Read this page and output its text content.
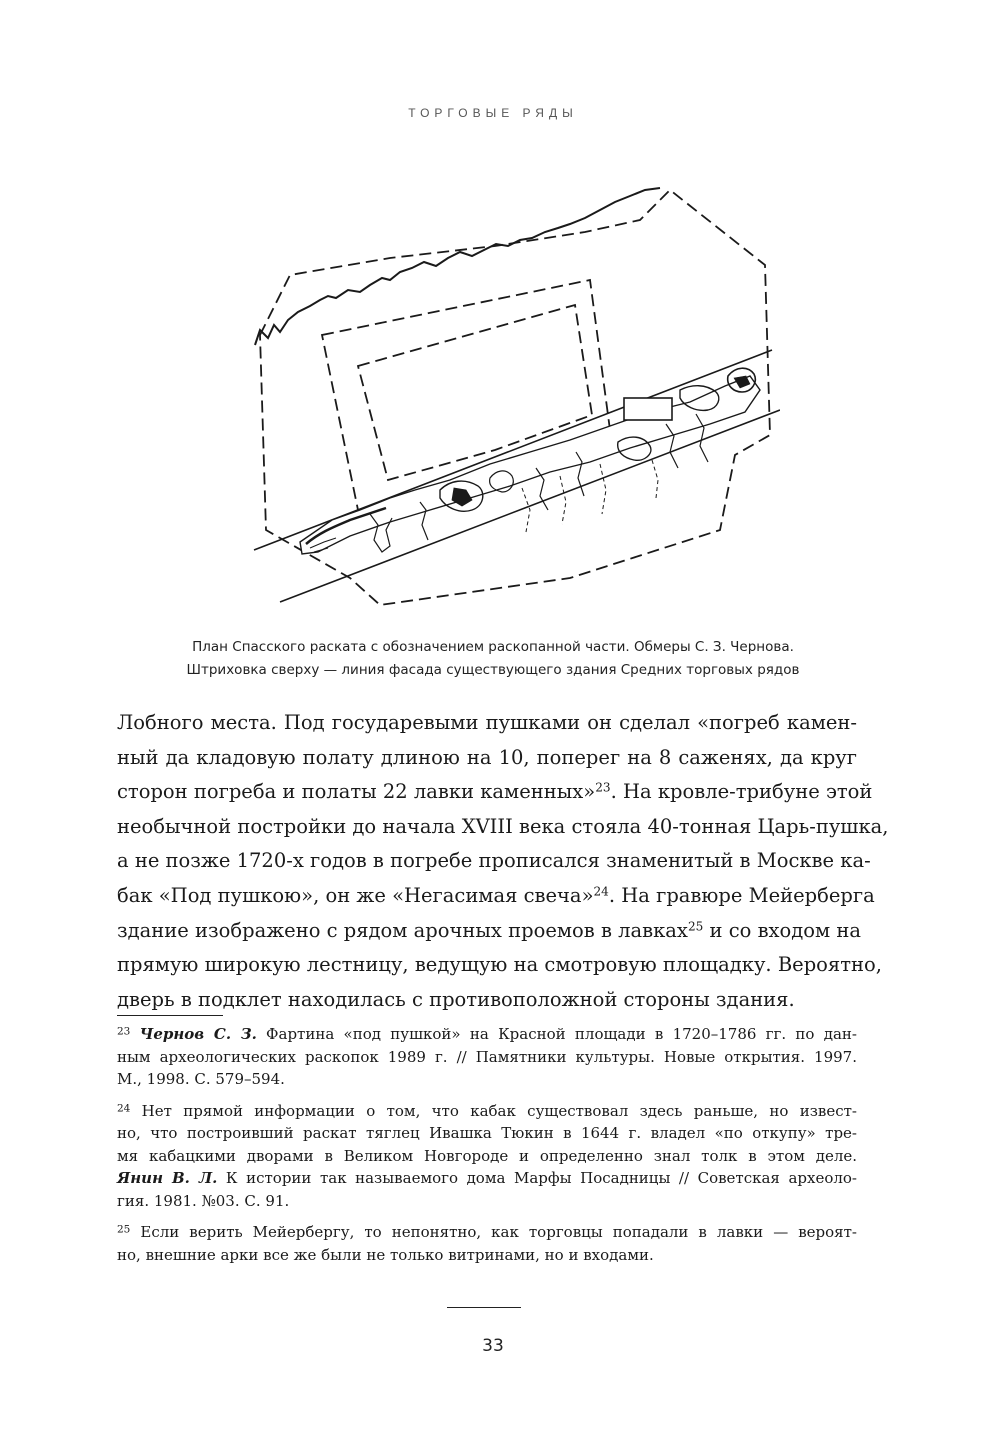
ТОРГОВЫЕ РЯДЫ
План Спасского раската с обозначением раскопанной части. Обмеры С. З. Чернова.
Штриховка сверху — линия фасада существующего здания Средних торговых рядов
Лобного места. Под государевыми пушками он сделал «погреб камен-
ный да кладовую полату длиною на 10, поперег на 8 саженях, да круг
сторон погреба и полаты 22 лавки каменных»$^{23}$. На кровле-трибуне этой
необычной постройки до начала XVIII века стояла 40-тонная Царь-пушка,
а не позже 1720-х годов в погребе прописался знаменитый в Москве ка-
бак «Под пушкою», он же «Негасимая свеча»$^{24}$. На гравюре Мейерберга
здание изображено с рядом арочных проемов в лавках$^{25}$ и со входом на
прямую широкую лестницу, ведущую на смотровую площадку. Вероятно,
дверь в подклет находилась с противоположной стороны здания.
$^{23}$ Чернов С. З. Фартина «под пушкой» на Красной площади в 1720–1786 гг. по дан-
ным археологических раскопок 1989 г. // Памятники культуры. Новые открытия. 1997.
М., 1998. С. 579–594.
$^{24}$ Нет прямой информации о том, что кабак существовал здесь раньше, но извест-
но, что построивший раскат тяглец Ивашка Тюкин в 1644 г. владел «по откупу» тре-
мя кабацкими дворами в Великом Новгороде и определенно знал толк в этом деле.
Янин В. Л. К истории так называемого дома Марфы Посадницы // Советская археоло-
гия. 1981. №03. С. 91.
$^{25}$ Если верить Мейербергу, то непонятно, как торговцы попадали в лавки — вероят-
но, внешние арки все же были не только витринами, но и входами.
33
